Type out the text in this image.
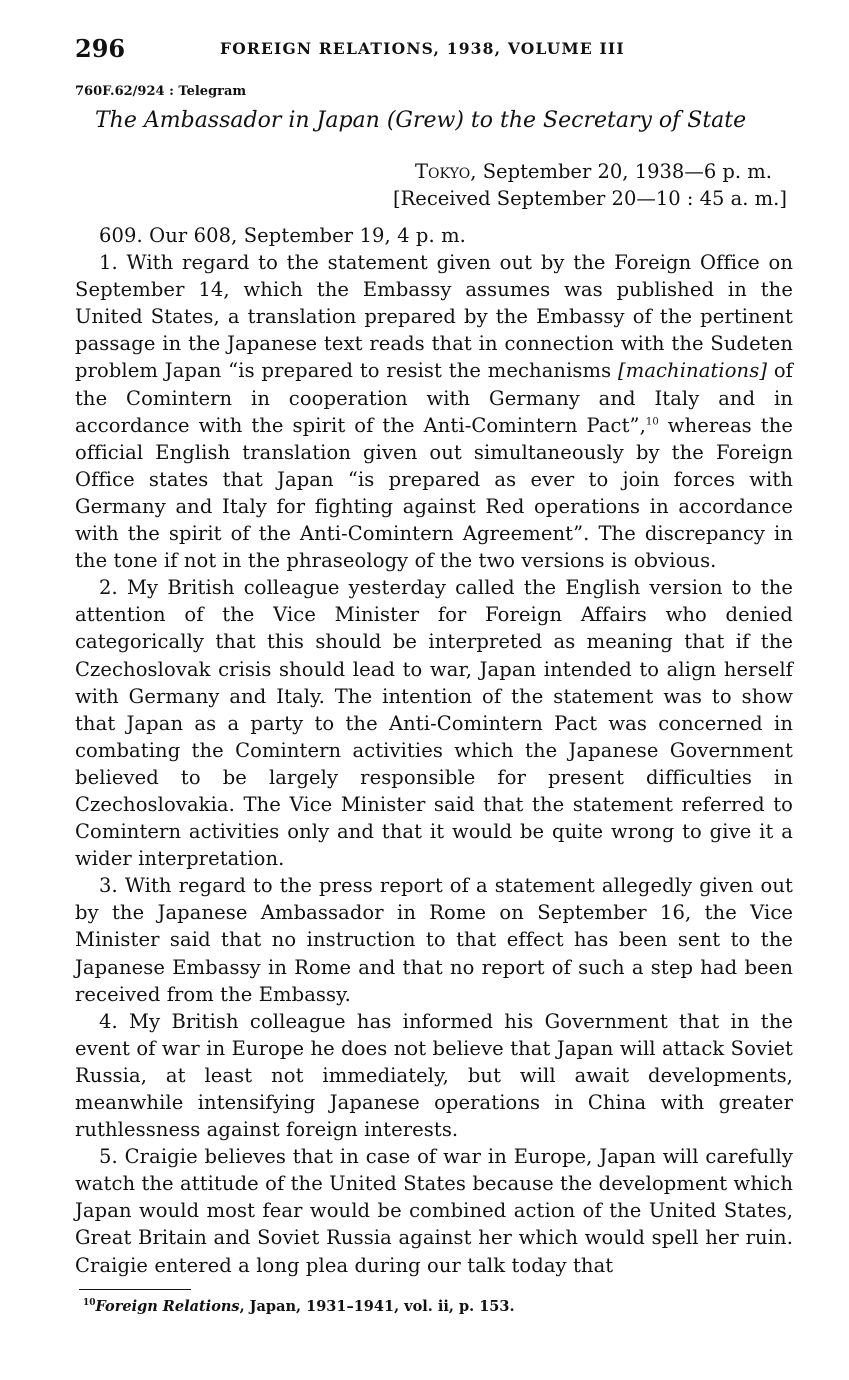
296	FOREIGN RELATIONS, 1938, VOLUME III
760F.62/924 : Telegram
The Ambassador in Japan (Grew) to the Secretary of State
Tokyo, September 20, 1938—6 p. m.
[Received September 20—10 : 45 a. m.]

609. Our 608, September 19, 4 p. m.

1. With regard to the statement given out by the Foreign Office on September 14, which the Embassy assumes was published in the United States, a translation prepared by the Embassy of the pertinent passage in the Japanese text reads that in connection with the Sudeten problem Japan “is prepared to resist the mechanisms [machinations] of the Comintern in cooperation with Germany and Italy and in accordance with the spirit of the Anti-Comintern Pact”,$^{10}$ whereas the official English translation given out simultaneously by the Foreign Office states that Japan “is prepared as ever to join forces with Germany and Italy for fighting against Red operations in accordance with the spirit of the Anti-Comintern Agreement”. The discrepancy in the tone if not in the phraseology of the two versions is obvious.

2. My British colleague yesterday called the English version to the attention of the Vice Minister for Foreign Affairs who denied categorically that this should be interpreted as meaning that if the Czechoslovak crisis should lead to war, Japan intended to align herself with Germany and Italy. The intention of the statement was to show that Japan as a party to the Anti-Comintern Pact was concerned in combating the Comintern activities which the Japanese Government believed to be largely responsible for present difficulties in Czechoslovakia. The Vice Minister said that the statement referred to Comintern activities only and that it would be quite wrong to give it a wider interpretation.

3. With regard to the press report of a statement allegedly given out by the Japanese Ambassador in Rome on September 16, the Vice Minister said that no instruction to that effect has been sent to the Japanese Embassy in Rome and that no report of such a step had been received from the Embassy.

4. My British colleague has informed his Government that in the event of war in Europe he does not believe that Japan will attack Soviet Russia, at least not immediately, but will await developments, meanwhile intensifying Japanese operations in China with greater ruthlessness against foreign interests.

5. Craigie believes that in case of war in Europe, Japan will carefully watch the attitude of the United States because the development which Japan would most fear would be combined action of the United States, Great Britain and Soviet Russia against her which would spell her ruin. Craigie entered a long plea during our talk today that

$^{10}$Foreign Relations, Japan, 1931–1941, vol. ii, p. 153.
